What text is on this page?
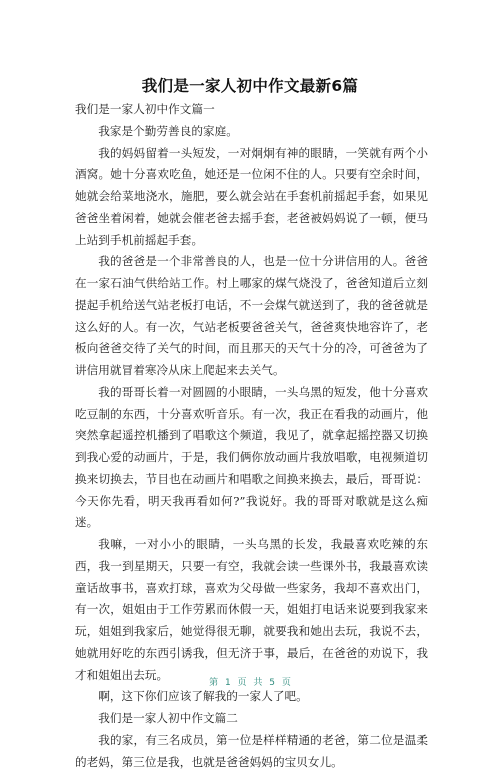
我们是一家人初中作文最新6篇

我们是一家人初中作文篇一

我家是个勤劳善良的家庭。

我的妈妈留着一头短发，一对炯炯有神的眼睛，一笑就有两个小酒窝。她十分喜欢吃鱼，她还是一位闲不住的人。只要有空余时间，她就会给菜地浇水，施肥，要么就会站在手套机前摇起手套，如果见爸爸坐着闲着，她就会催老爸去摇手套，老爸被妈妈说了一顿，便马上站到手机前摇起手套。

我的爸爸是一个非常善良的人，也是一位十分讲信用的人。爸爸在一家石油气供给站工作。村上哪家的煤气烧没了，爸爸知道后立刻提起手机给送气站老板打电话，不一会煤气就送到了，我的爸爸就是这么好的人。有一次，气站老板要爸爸关气，爸爸爽快地容许了，老板向爸爸交待了关气的时间，而且那天的天气十分的冷，可爸爸为了讲信用就冒着寒冷从床上爬起来去关气。

我的哥哥长着一对圆圆的小眼睛，一头乌黑的短发，他十分喜欢吃豆制的东西，十分喜欢听音乐。有一次，我正在看我的动画片，他突然拿起遥控机播到了唱歌这个频道，我见了，就拿起摇控器又切换到我心爱的动画片，于是，我们俩你放动画片我放唱歌，电视频道切换来切换去，节目也在动画片和唱歌之间换来换去，最后，哥哥说：今天你先看，明天我再看如何?”我说好。我的哥哥对歌就是这么痴迷。

我嘛，一对小小的眼睛，一头乌黑的长发，我最喜欢吃辣的东西，我一到星期天，只要一有空，我就会读一些课外书，我最喜欢读童话故事书，喜欢打球，喜欢为父母做一些家务，我却不喜欢出门，有一次，姐姐由于工作劳累而休假一天，姐姐打电话来说要到我家来玩，姐姐到我家后，她觉得很无聊，就要我和她出去玩，我说不去，她就用好吃的东西引诱我，但无济于事，最后，在爸爸的劝说下，我才和姐姐出去玩。

啊，这下你们应该了解我的一家人了吧。

我们是一家人初中作文篇二

我的家，有三名成员，第一位是样样精通的老爸，第二位是温柔的老妈，第三位是我，也就是爸爸妈妈的宝贝女儿。

第 1 页 共 5 页
